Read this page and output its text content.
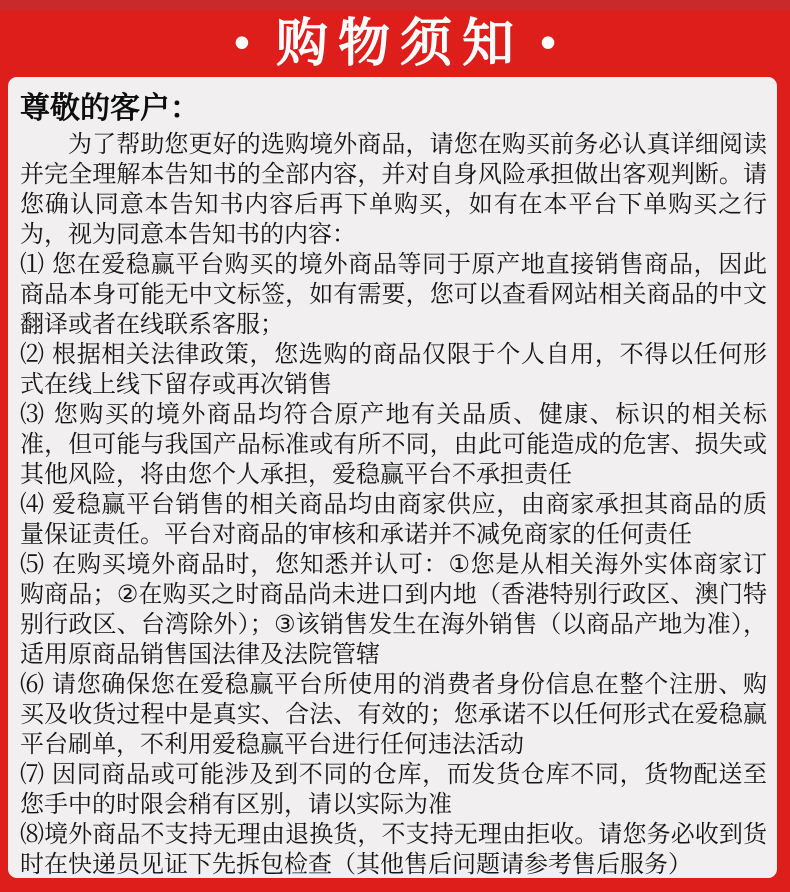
• 购物须知 •
尊敬的客户：

为了帮助您更好的选购境外商品，请您在购买前务必认真详细阅读并完全理解本告知书的全部内容，并对自身风险承担做出客观判断。请您确认同意本告知书内容后再下单购买，如有在本平台下单购买之行为，视为同意本告知书的内容：

⑴ 您在爱稳赢平台购买的境外商品等同于原产地直接销售商品，因此商品本身可能无中文标签，如有需要，您可以查看网站相关商品的中文翻译或者在线联系客服；

⑵ 根据相关法律政策，您选购的商品仅限于个人自用，不得以任何形式在线上线下留存或再次销售

⑶ 您购买的境外商品均符合原产地有关品质、健康、标识的相关标准，但可能与我国产品标准或有所不同，由此可能造成的危害、损失或其他风险，将由您个人承担，爱稳赢平台不承担责任

⑷ 爱稳赢平台销售的相关商品均由商家供应，由商家承担其商品的质量保证责任。平台对商品的审核和承诺并不减免商家的任何责任

⑸ 在购买境外商品时，您知悉并认可：①您是从相关海外实体商家订购商品；②在购买之时商品尚未进口到内地（香港特别行政区、澳门特别行政区、台湾除外）；③该销售发生在海外销售（以商品产地为准），适用原商品销售国法律及法院管辖

⑹ 请您确保您在爱稳赢平台所使用的消费者身份信息在整个注册、购买及收货过程中是真实、合法、有效的；您承诺不以任何形式在爱稳赢平台刷单，不利用爱稳赢平台进行任何违法活动

⑺ 因同商品或可能涉及到不同的仓库，而发货仓库不同，货物配送至您手中的时限会稍有区别，请以实际为准

⑻境外商品不支持无理由退换货，不支持无理由拒收。请您务必收到货时在快递员见证下先拆包检查（其他售后问题请参考售后服务）
